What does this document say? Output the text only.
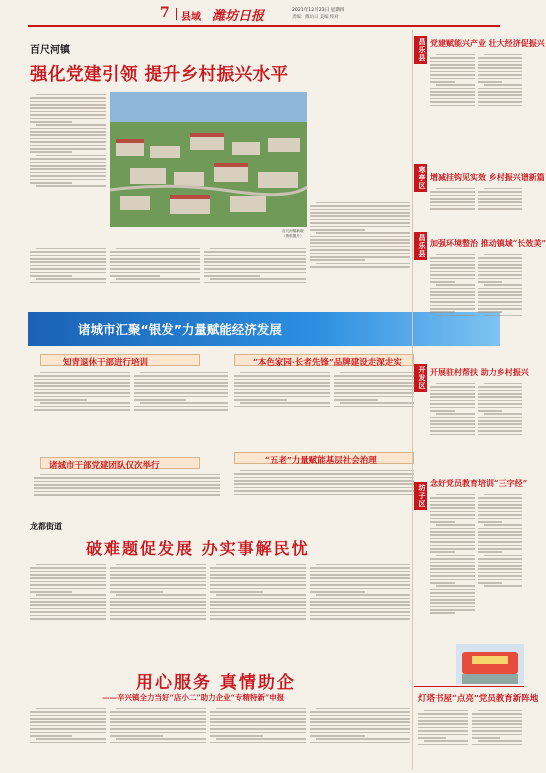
7 县域 潍坊日报	2021年12月23日 星期四
责编：潍坊日 美编 校对
百尺河镇
强化党建引领 提升乡村振兴水平
百尺河镇新貌（资料图片）
诸城市汇聚“银发”力量赋能经济发展
知青退休干部进行培训	“本色家园·长者先锋”品牌建设走深走实
“五老”力量赋能基层社会治理
诸城市干部党建团队仅次举行
龙都街道
破难题促发展 办实事解民忧
用心服务 真情助企
——辛兴镇全力当好“店小二”助力企业“专精特新”申报
昌乐县 党建赋能兴产业 壮大经济促振兴
寒亭区 增减挂钩见实效 乡村振兴谱新篇
昌乐县 加强环境整治 推动镇域“长效美”
开发区 开展驻村帮扶 助力乡村振兴
坊子区
念好党员教育培训“三字经”
灯塔书屋“点亮”党员教育新阵地
